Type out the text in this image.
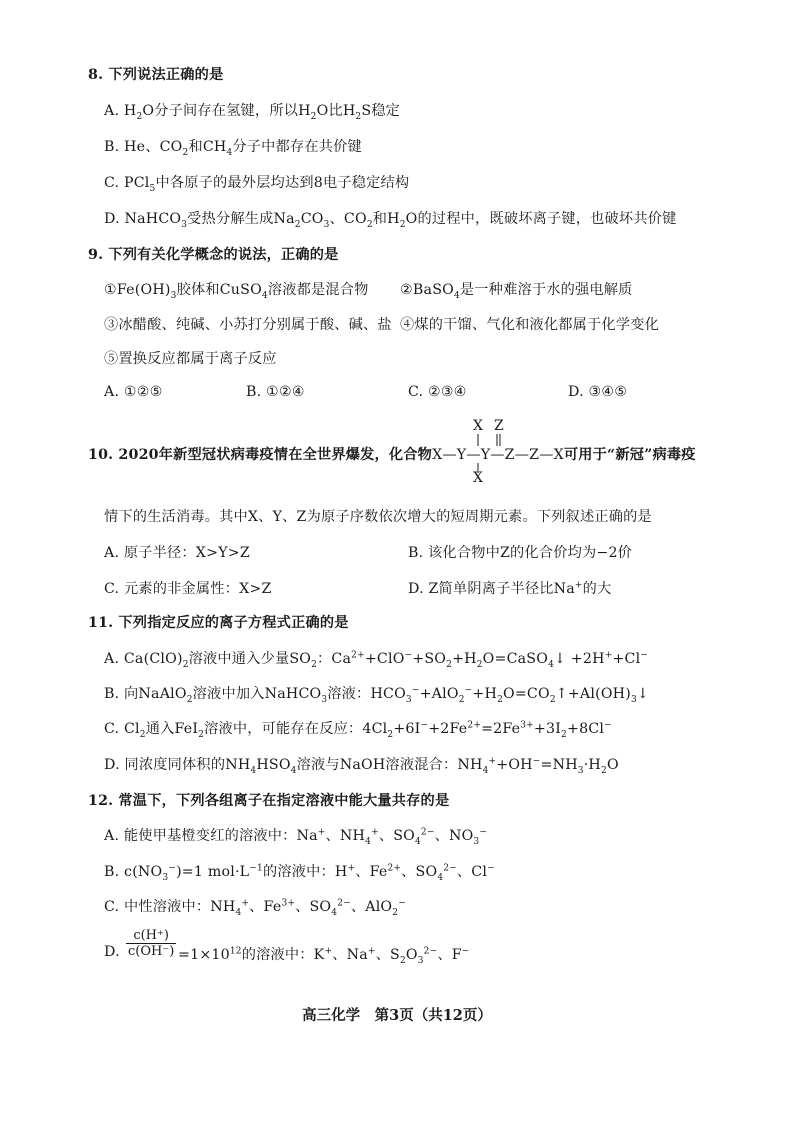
8. 下列说法正确的是
A. $H_2O$分子间存在氢键，所以$H_2O$比$H_2S$稳定
B. He、$CO_2$和$CH_4$分子中都存在共价键
C. PCl$_5$中各原子的最外层均达到8电子稳定结构
D. NaHCO$_3$受热分解生成$Na_2CO_3$、$CO_2$和$H_2O$的过程中，既破坏离子键，也破坏共价键
9. 下列有关化学概念的说法，正确的是
$①Fe(OH)_3$胶体和CuSO$_4$溶液都是混合物 ②BaSO$_4$是一种难溶于水的强电解质
③冰醋酸、纯碱、小苏打分别属于酸、碱、盐 ④煤的干馏、气化和液化都属于化学变化
⑤置换反应都属于离子反应
A. ①②⑤	B. ①②④	C. ②③④	D. ③④⑤
X Z
10. 2020年新型冠状病毒疫情在全世界爆发，化合物X—Y—Y—Z—Z—X可用于“新冠”病毒疫
X
情下的生活消毒。其中X、Y、Z为原子序数依次增大的短周期元素。下列叙述正确的是
A. 原子半径：X>Y>Z	B. 该化合物中Z的化合价均为−2价
C. 元素的非金属性：X>Z	D. Z简单阴离子半径比Na+的大
11. 下列指定反应的离子方程式正确的是
A. $Ca(ClO)_2$溶液中通入少量$SO_2$：$Ca^{2+}+ClO^-+SO_2+H_2O=CaSO_4↓ +2H^++Cl^-$
B. 向NaAlO$_2$溶液中加入NaHCO$_3$溶液：$HCO_3^-+AlO_2^-+H_2O=CO_2↑+Al(OH)_3↓$
C. $Cl_2$通入FeI$_2$溶液中，可能存在反应：$4Cl_2+6I^-+2Fe^{2+}=2Fe^{3+}+3I_2+8Cl^-$
D. 同浓度同体积的$NH_4HSO_4$溶液与NaOH溶液混合：$NH_4^++OH^-=NH_3\cdot H_2O$
12. 常温下，下列各组离子在指定溶液中能大量共存的是
A. 能使甲基橙变红的溶液中：Na+、$NH_4^+$、$SO_4^{2-}$、$NO_3^-$
B. $c(NO_3^-)=1$ $mol\cdot L^{-1}$的溶液中：H+、$Fe^{2+}$、$SO_4^{2-}$、Cl−
C. 中性溶液中：$NH_4^+$、$Fe^{3+}$、$SO_4^{2-}$、AlO$_2$−
D. $\frac{c(H^+)}{c(OH^-)} =1\times 10^{12}$的溶液中：K+、Na+、$S_2O_3^{2-}$、F−
高三化学　第3页（共12页）
